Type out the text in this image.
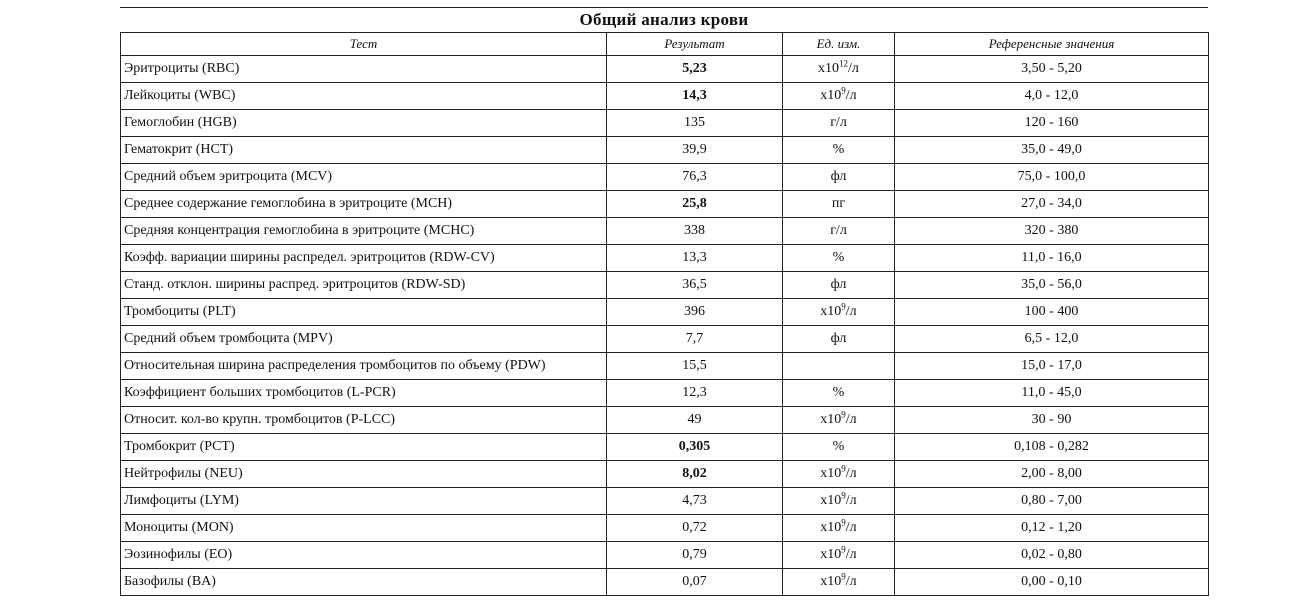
Общий анализ крови
Тест	Результат	Ед. изм.	Референсные значения
Эритроциты (RBC)	5,23	$x10^{12}/л$	3,50 - 5,20
Лейкоциты (WBC)	14,3	$x10^9/л$	4,0 - 12,0
Гемоглобин (HGB)	135	г/л	120 - 160
Гематокрит (HCT)	39,9	%	35,0 - 49,0
Средний объем эритроцита (MCV)	76,3	фл	75,0 - 100,0
Среднее содержание гемоглобина в эритроците (MCH)	25,8	пг	27,0 - 34,0
Средняя концентрация гемоглобина в эритроците (MCHC)	338	г/л	320 - 380
Коэфф. вариации ширины распредел. эритроцитов (RDW-CV)	13,3	%	11,0 - 16,0
Станд. отклон. ширины распред. эритроцитов (RDW-SD)	36,5	фл	35,0 - 56,0
Тромбоциты (PLT)	396	$x10^9/л$	100 - 400
Средний объем тромбоцита (MPV)	7,7	фл	6,5 - 12,0
Относительная ширина распределения тромбоцитов по объему (PDW)	15,5		15,0 - 17,0
Коэффициент больших тромбоцитов (L-PCR)	12,3	%	11,0 - 45,0
Относит. кол-во крупн. тромбоцитов (P-LCC)	49	$x10^9/л$	30 - 90
Тромбокрит (PCT)	0,305	%	0,108 - 0,282
Нейтрофилы (NEU)	8,02	$x10^9/л$	2,00 - 8,00
Лимфоциты (LYM)	4,73	$x10^9/л$	0,80 - 7,00
Моноциты (MON)	0,72	$x10^9/л$	0,12 - 1,20
Эозинофилы (EO)	0,79	$x10^9/л$	0,02 - 0,80
Базофилы (BA)	0,07	$x10^9/л$	0,00 - 0,10
